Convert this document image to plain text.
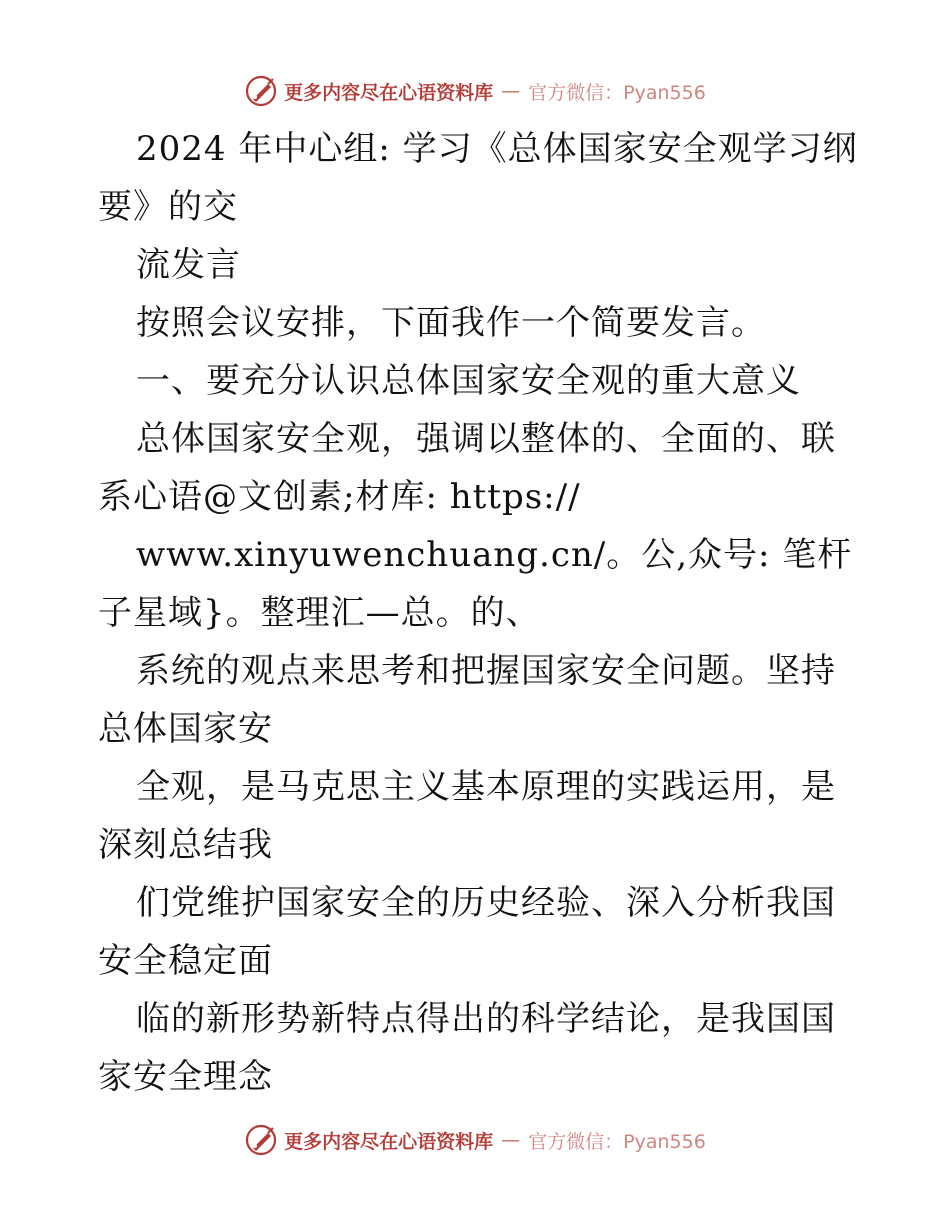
更多内容尽在心语资料库 — 官方微信：Pyan556

2024 年中心组: 学习《总体国家安全观学习纲要》的交

流发言

按照会议安排，下面我作一个简要发言。

一、要充分认识总体国家安全观的重大意义

总体国家安全观，强调以整体的、全面的、联系心语@文创素;材库: https://

www.xinyuwenchuang.cn/。公,众号: 笔杆子星域}。整理汇—总。的、

系统的观点来思考和把握国家安全问题。坚持总体国家安

全观，是马克思主义基本原理的实践运用，是深刻总结我

们党维护国家安全的历史经验、深入分析我国安全稳定面

临的新形势新特点得出的科学结论，是我国国家安全理念

更多内容尽在心语资料库 — 官方微信：Pyan556
